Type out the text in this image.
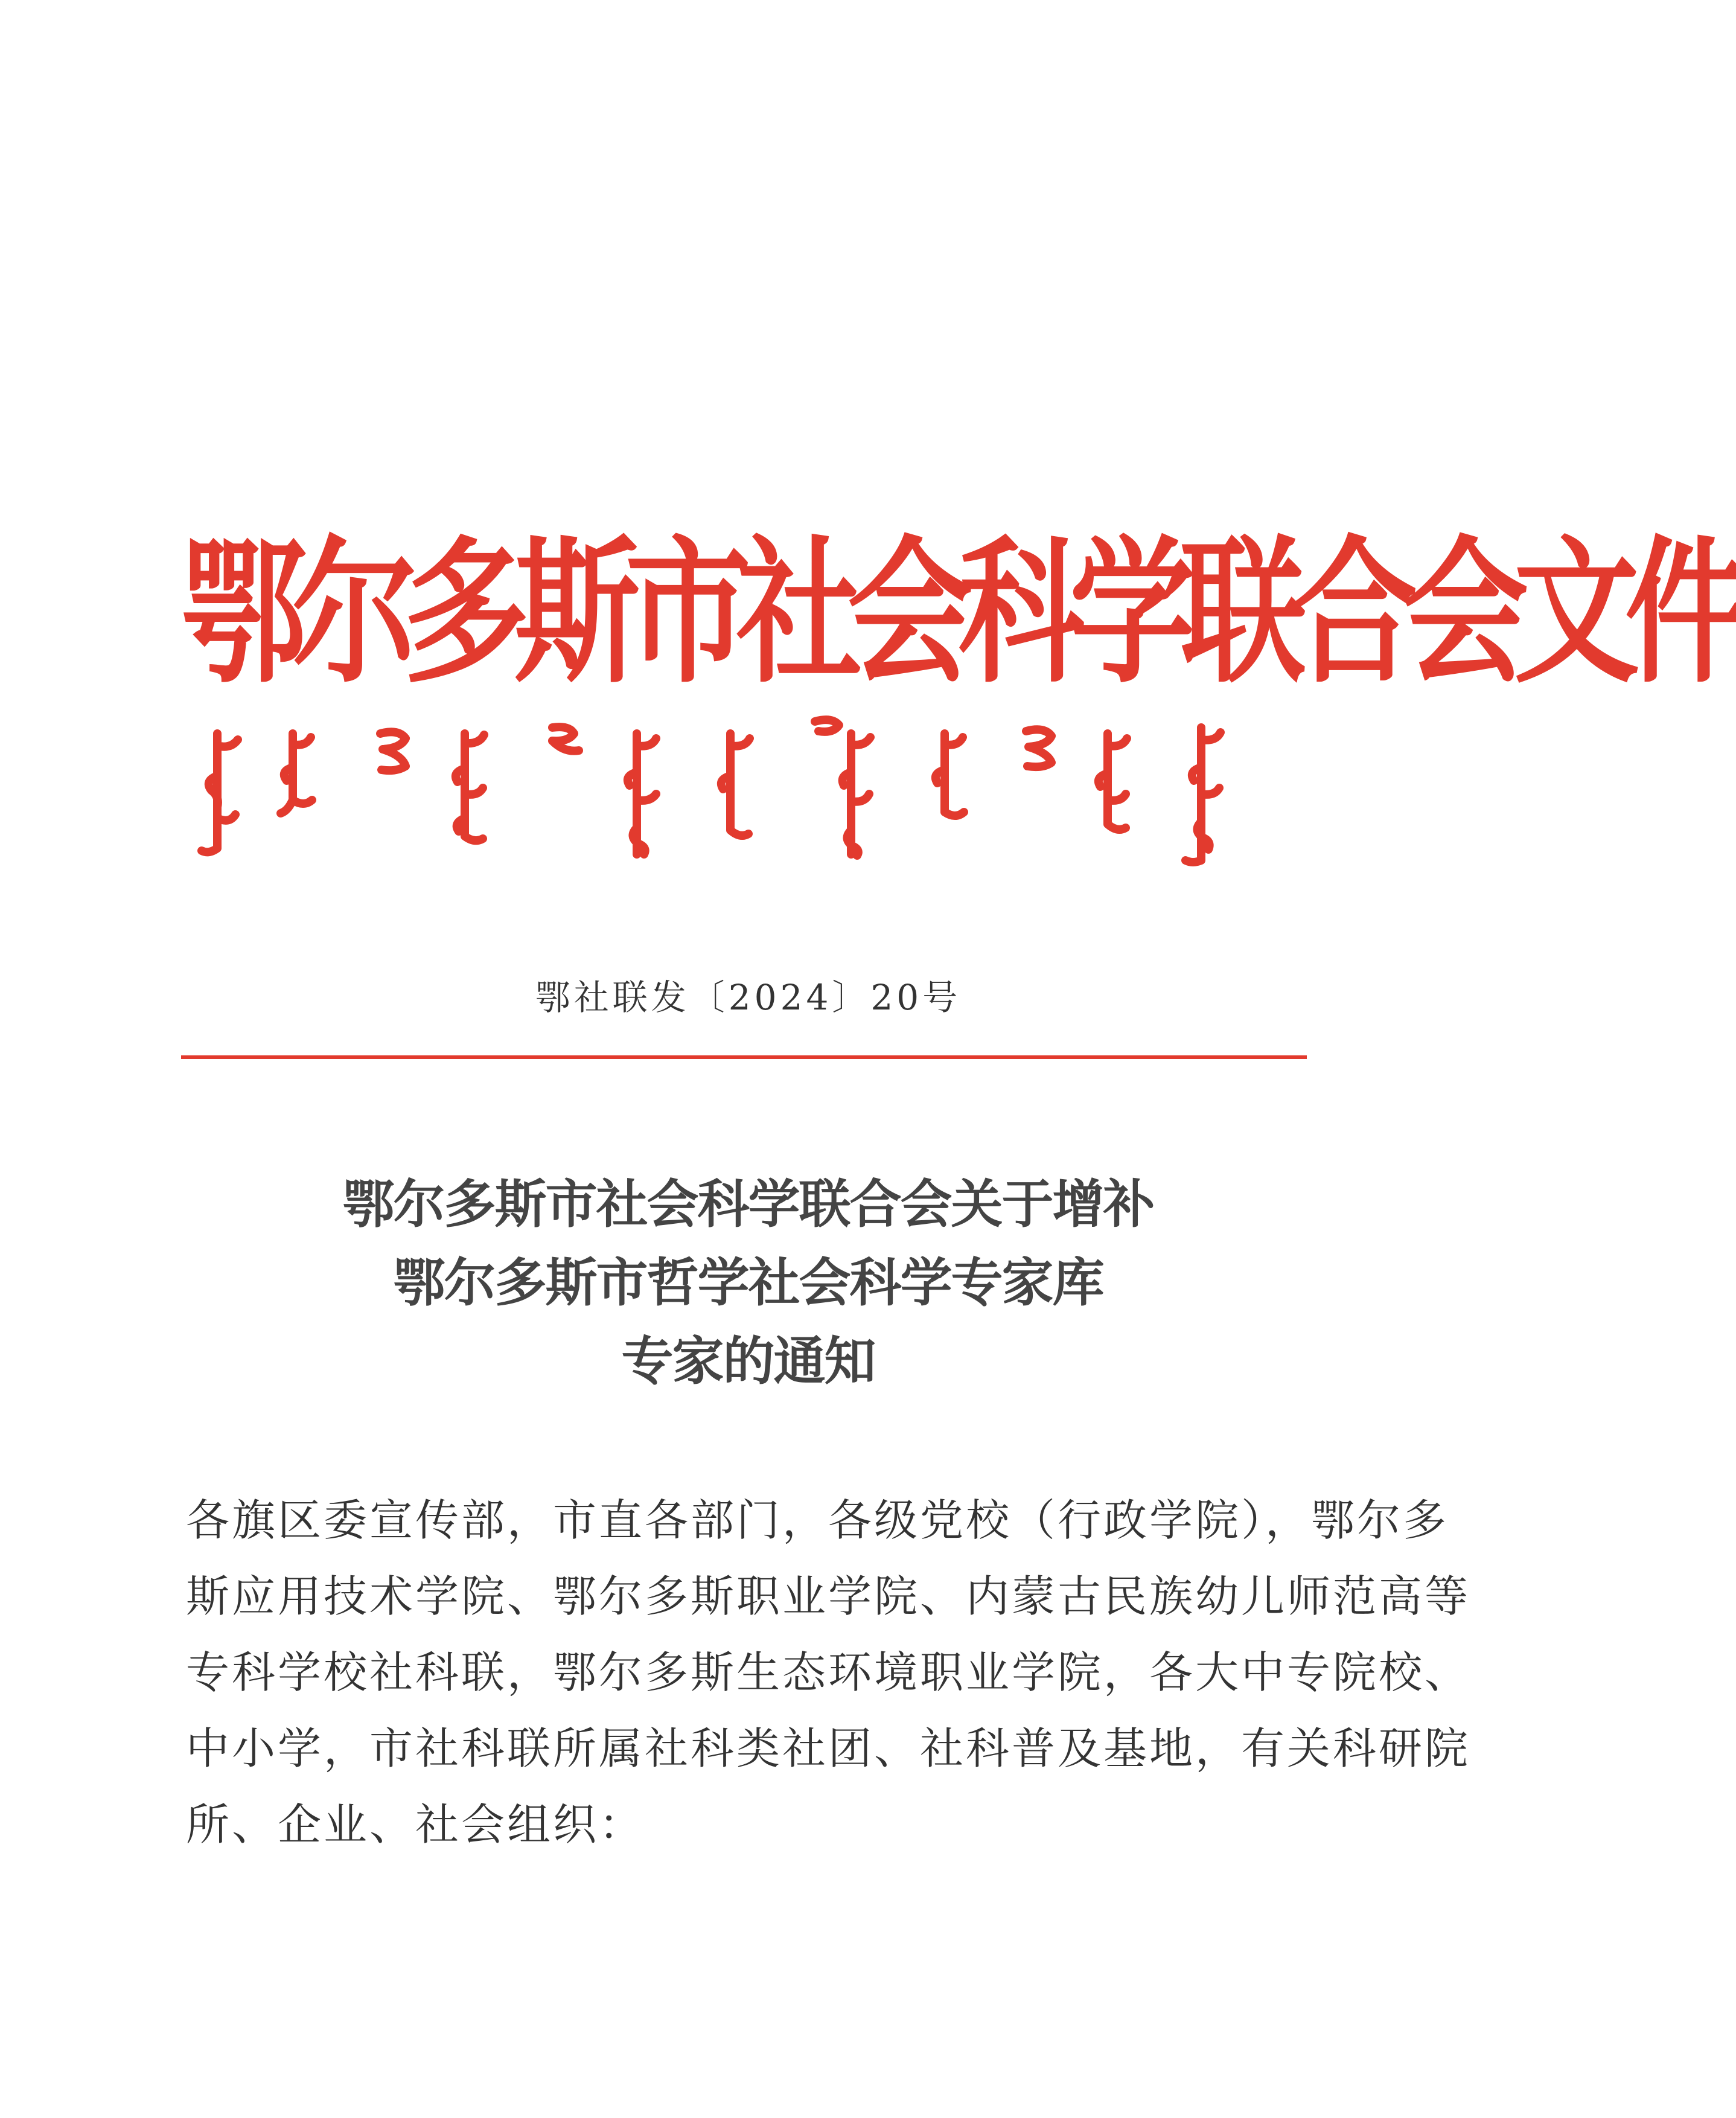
鄂尔多斯市社会科学联合会文件
鄂社联发〔2024〕20号
鄂尔多斯市社会科学联合会关于增补
鄂尔多斯市哲学社会科学专家库
专家的通知
各旗区委宣传部，市直各部门，各级党校（行政学院），鄂尔多
斯应用技术学院、鄂尔多斯职业学院、内蒙古民族幼儿师范高等
专科学校社科联，鄂尔多斯生态环境职业学院，各大中专院校、
中小学，市社科联所属社科类社团、社科普及基地，有关科研院
所、企业、社会组织：
